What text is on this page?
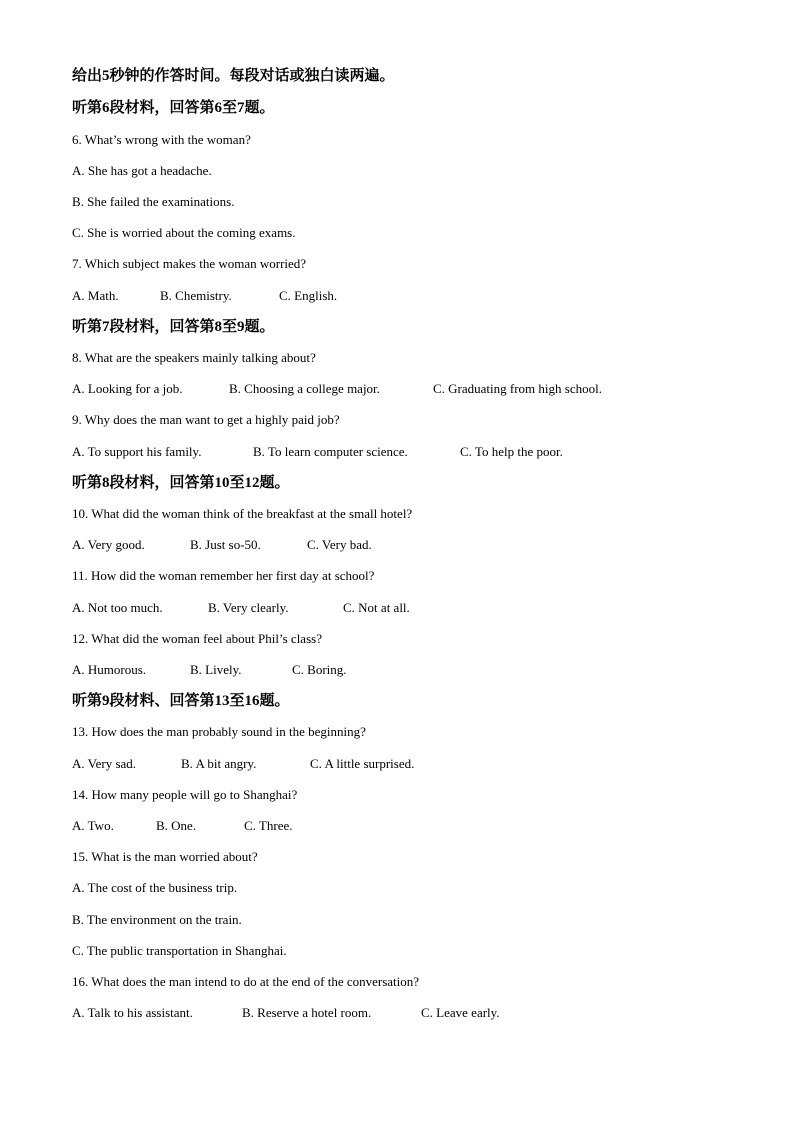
给出5秒钟的作答时间。每段对话或独白读两遍。
听第6段材料，回答第6至7题。
6. What’s wrong with the woman?
A. She has got a headache.
B. She failed the examinations.
C. She is worried about the coming exams.
7. Which subject makes the woman worried?
A. Math.	B. Chemistry.	C. English.
听第7段材料，回答第8至9题。
8. What are the speakers mainly talking about?
A. Looking for a job.	B. Choosing a college major.	C. Graduating from high school.
9. Why does the man want to get a highly paid job?
A. To support his family.	B. To learn computer science.	C. To help the poor.
听第8段材料，回答第10至12题。
10. What did the woman think of the breakfast at the small hotel?
A. Very good.	B. Just so-50.	C. Very bad.
11. How did the woman remember her first day at school?
A. Not too much.	B. Very clearly.	C. Not at all.
12. What did the woman feel about Phil’s class?
A. Humorous.	B. Lively.	C. Boring.
听第9段材料、回答第13至16题。
13. How does the man probably sound in the beginning?
A. Very sad.	B. A bit angry.	C. A little surprised.
14. How many people will go to Shanghai?
A. Two.	B. One.	C. Three.
15. What is the man worried about?
A. The cost of the business trip.
B. The environment on the train.
C. The public transportation in Shanghai.
16. What does the man intend to do at the end of the conversation?
A. Talk to his assistant.	B. Reserve a hotel room.	C. Leave early.
